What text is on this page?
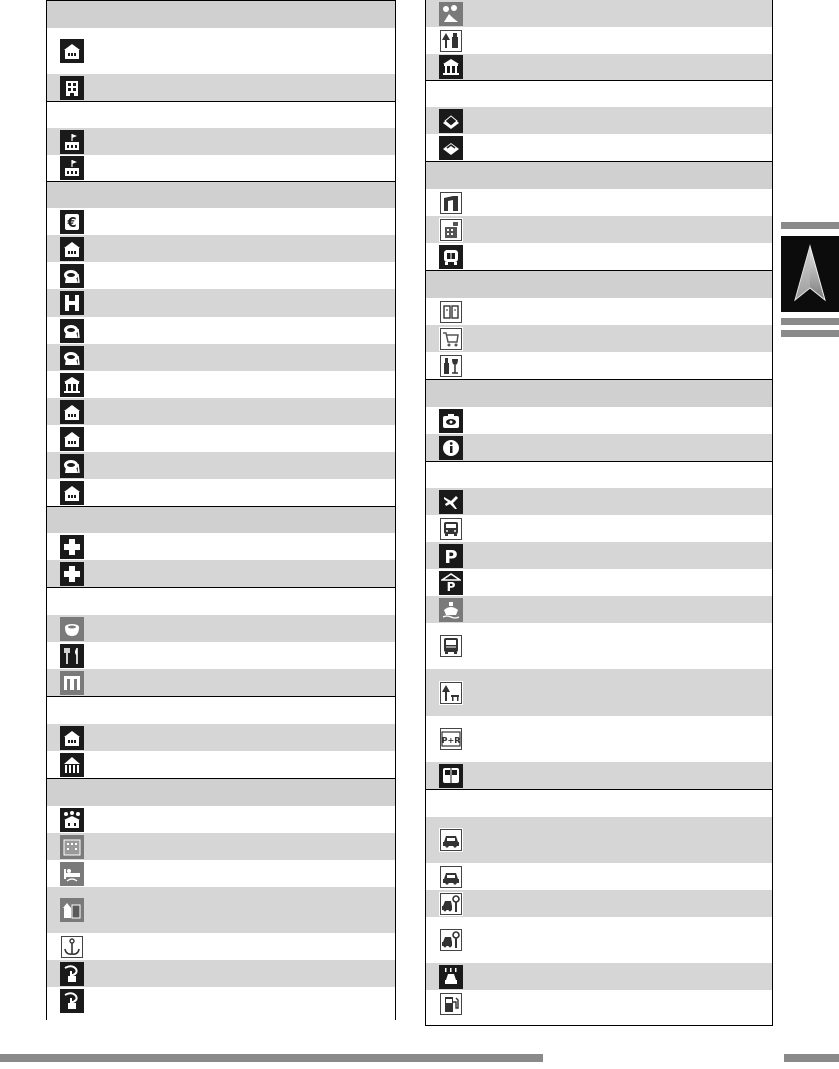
€
P
P
P+R
